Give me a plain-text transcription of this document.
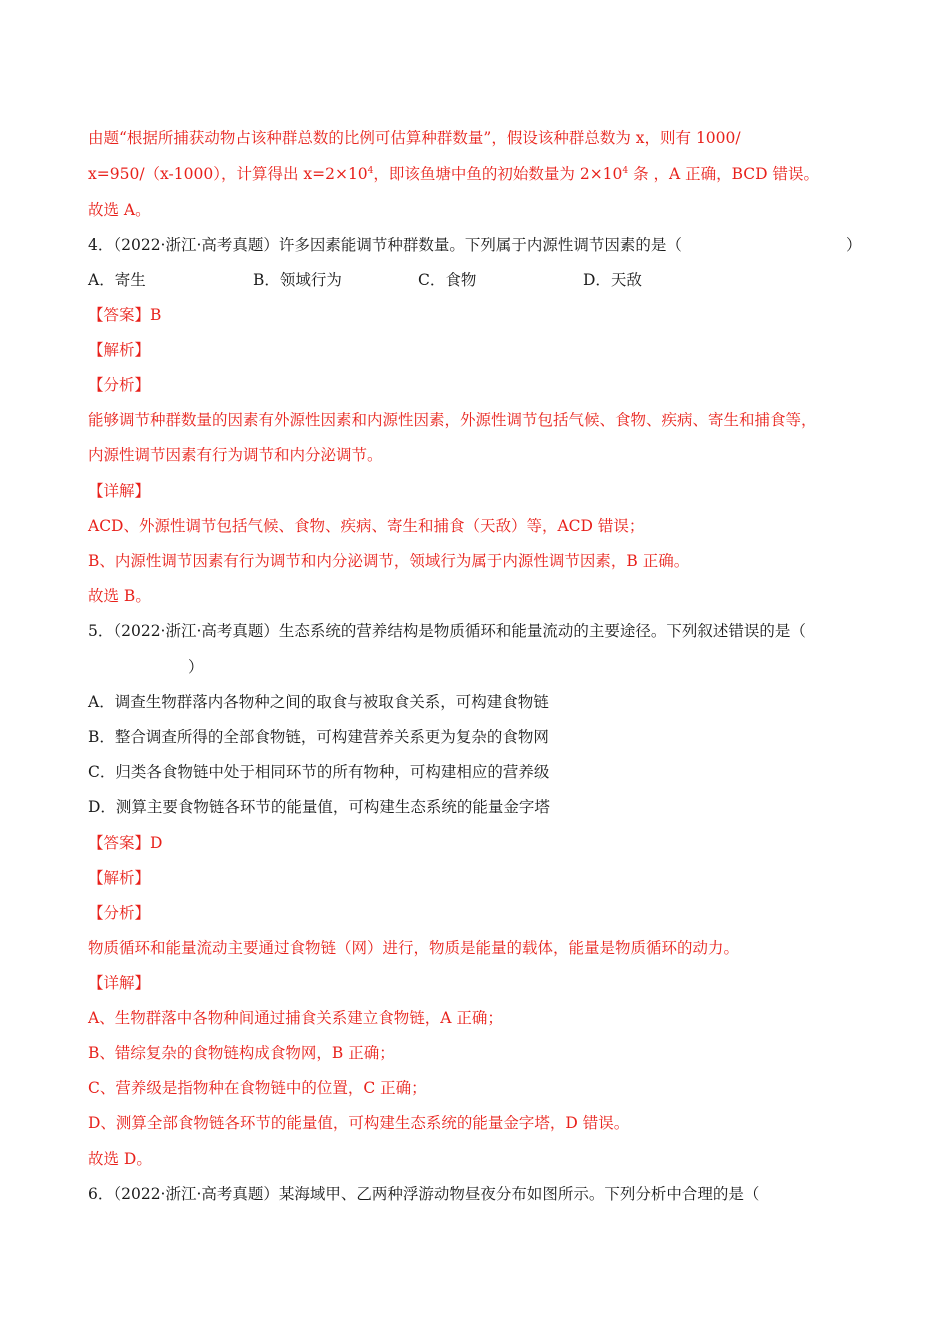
由题“根据所捕获动物占该种群总数的比例可估算种群数量”，假设该种群总数为 x，则有 1000/
x=950/（x-1000），计算得出 $x=2\times 10^4$，即该鱼塘中鱼的初始数量为 $2\times 10^4$ 条 ，A 正确，BCD 错误。
故选 A。
4．（2022·浙江·高考真题）许多因素能调节种群数量。下列属于内源性调节因素的是（	）
A．寄生	B．领域行为	C．食物	D．天敌
【答案】B
【解析】
【分析】
能够调节种群数量的因素有外源性因素和内源性因素，外源性调节包括气候、食物、疾病、寄生和捕食等，
内源性调节因素有行为调节和内分泌调节。
【详解】
ACD、外源性调节包括气候、食物、疾病、寄生和捕食（天敌）等，ACD 错误；
B、内源性调节因素有行为调节和内分泌调节，领域行为属于内源性调节因素，B 正确。
故选 B。
5．（2022·浙江·高考真题）生态系统的营养结构是物质循环和能量流动的主要途径。下列叙述错误的是（
）
A．调查生物群落内各物种之间的取食与被取食关系，可构建食物链
B．整合调查所得的全部食物链，可构建营养关系更为复杂的食物网
C．归类各食物链中处于相同环节的所有物种，可构建相应的营养级
D．测算主要食物链各环节的能量值，可构建生态系统的能量金字塔
【答案】D
【解析】
【分析】
物质循环和能量流动主要通过食物链（网）进行，物质是能量的载体，能量是物质循环的动力。
【详解】
A、生物群落中各物种间通过捕食关系建立食物链，A 正确；
B、错综复杂的食物链构成食物网，B 正确；
C、营养级是指物种在食物链中的位置，C 正确；
D、测算全部食物链各环节的能量值，可构建生态系统的能量金字塔，D 错误。
故选 D。
6．（2022·浙江·高考真题）某海域甲、乙两种浮游动物昼夜分布如图所示。下列分析中合理的是（
